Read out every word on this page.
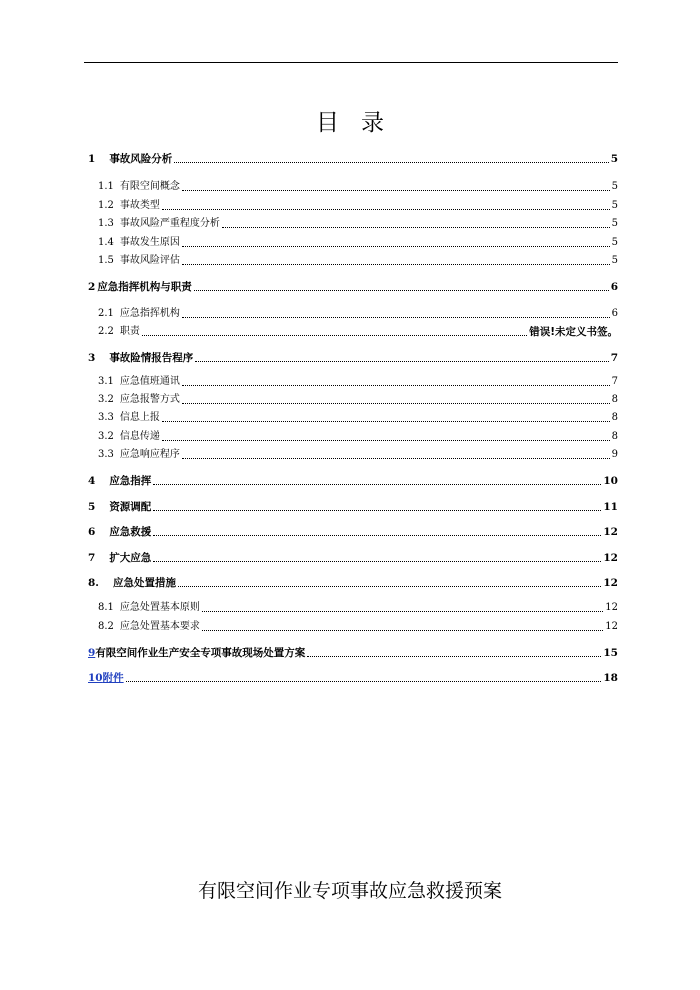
目 录
1 事故风险分析	5
1.1 有限空间概念	5
1.2 事故类型	5
1.3 事故风险严重程度分析	5
1.4 事故发生原因	5
1.5 事故风险评估	5
2 应急指挥机构与职责	6
2.1 应急指挥机构	6
2.2 职责	错误!未定义书签。
3 事故险情报告程序	7
3.1 应急值班通讯	7
3.2 应急报警方式	8
3.3 信息上报	8
3.2 信息传递	8
3.3 应急响应程序	9
4 应急指挥	10
5 资源调配	11
6 应急救援	12
7 扩大应急	12
8. 应急处置措施	12
8.1 应急处置基本原则	12
8.2 应急处置基本要求	12
9 有限空间作业生产安全专项事故现场处置方案	15
10 附件	18
有限空间作业专项事故应急救援预案
